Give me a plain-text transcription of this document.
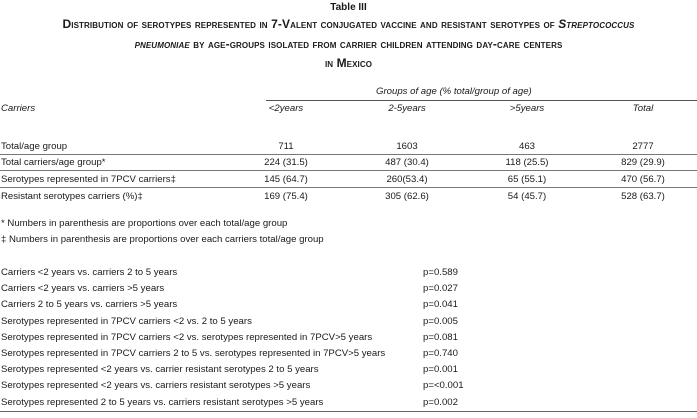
Table III
Distribution of serotypes represented in 7-Valent conjugated vaccine and resistant serotypes of Streptococcus
pneumoniae by age-groups isolated from carrier children attending day-care centers
in Mexico
Groups of age (% total/group of age)
Carriers	<2years	2-5years	>5years	Total
Total/age group	711	1603	463	2777
Total carriers/age group*	224 (31.5)	487 (30.4)	118 (25.5)	829 (29.9)
Serotypes represented in 7PCV carriers‡	145 (64.7)	260(53.4)	65 (55.1)	470 (56.7)
Resistant serotypes carriers (%)‡	169 (75.4)	305 (62.6)	54 (45.7)	528 (63.7)
* Numbers in parenthesis are proportions over each total/age group
‡ Numbers in parenthesis are proportions over each carriers total/age group
Carriers <2 years vs. carriers 2 to 5 years	p=0.589
Carriers <2 years vs. carriers >5 years	p=0.027
Carriers 2 to 5 years vs. carriers >5 years	p=0.041
Serotypes represented in 7PCV carriers <2 vs. 2 to 5 years	p=0.005
Serotypes represented in 7PCV carriers <2 vs. serotypes represented in 7PCV>5 years	p=0.081
Serotypes represented in 7PCV carriers 2 to 5 vs. serotypes represented in 7PCV>5 years	p=0.740
Serotypes represented <2 years vs. carrier resistant serotypes 2 to 5 years	p=0.001
Serotypes represented <2 years vs. carriers resistant serotypes >5 years	p=<0.001
Serotypes represented 2 to 5 years vs. carriers resistant serotypes >5 years	p=0.002
